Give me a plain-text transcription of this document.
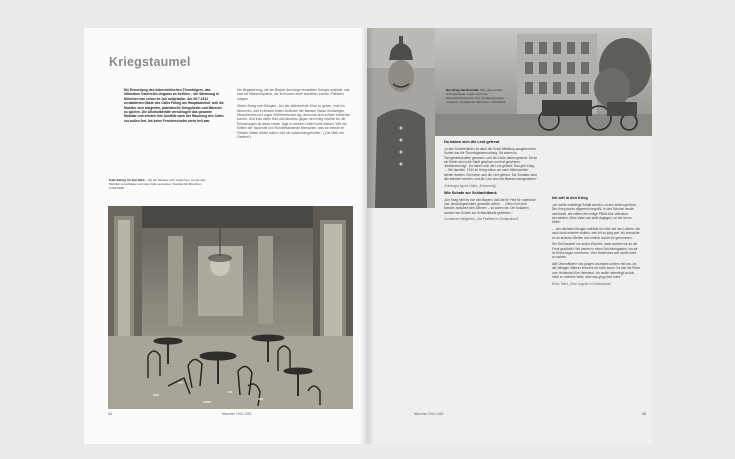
Kriegstaumel
Die Ermordung des österreichischen Thronfolgers, das Ultimatum Österreich-Ungarns an Serbien – die Stimmung in München war schon im Juli aufgeladen. Am 26.7.1914 zerdalderten Gäste des Cafés Fahrig am Hauptbahnhof, weil die Musiker sich weigerten, patriotische Kriegslieder und Märsche zu spielen. Die Alkoholbeträte verschlugen das gesamte Mobiliar und setzten ihre Ausfälle nach der Räumung des Cafés vor außen fort, bis keine Fensterscheibe mehr heil war.

Die Begeisterung, die der Beginn des lange erwarteten Krieges auslöste, war eine Art Massenhysterie, der sich kaum einer entziehen konnte. Patrioten erlagen.

Stefan Zweig zum Beispiel: „Um der Wahrheit die Ehre zu geben, muß ich bekennen, daß in diesem ersten Aufbruch der Massen etwas Großartiges, Hinreißendes und sogar Verführerisches lag, dem man sich schwer entziehen konnte. Und trotz allem Haß und Abscheu gegen den Krieg möchte ich die Erinnerungen an diese ersten Tage in meinem Leben nicht missen. Wie nie fühlten die Tausende und Hunderttausende Menschen, was sie besser im Frieden hätten fühlen sollen: daß sie zusammengehörten.“ („Die Welt von Gestern“)

Café Fahrig im Juli 1914 – Als die Musiker sich weigerten, wurde das Mobiliar zerschlagen und das Cafe verwüstet. Stadtarchiv München C1914/002
14	München 1914-1918
Der Krieg hat Priorität: Wie viele andere Schulgebäude wurde auch die Wittelsbacherschule zum Soldatenquartier ‚Lazarett‘. Stadtarchiv München C1914/001
Da haben sich die Leut gefreut

„In den Sommerferien ist dann der Erste Weltkrieg ausgebrochen. Vorher war die Thronfolgerermordung. Da waren so Tanzgesellschaften gewesen, und die Leute haben getanzt. Da ist ein Reiter durch die Stadt gefahren und hat geschrien: ‚Mobilmachung!‘. Da haben sich die Leut gefreut. Das gibt Krieg. … Wir dachten, 1914 im Krieg wären wir nach Weihnachten wieder daheim. Da haben sich die Leut gefreut. Die Soldaten sind alle beirdiert worden, und die Leut sind mit Blumen nachgelaufen.“

Zeitzeugin Agnes Hofer, „Erinnerung“

Wie Schafe zur Schlachtbank

„Am Krieg hielt es von den Bayern, daß sie ihr Feld für ‚vaterland‘ und ‚deutschgesinnten‘ gewesen wären … ‚Gleich mit dem Messer zwischen den Zähnen‘ – so waren sie. Die Soldaten wurden wie Schafe zur Schlachtbank getrieben.“

Constance Hallgarten, „Als Pazifistin in Deutschland“

Ich will in den Krieg

„Ich wollte unbedingt Soldat werden, zu den ersten gehören. Der Krieg wurde allgemein begrüßt, in den Schulen wurde verkündet, alle hätten die heilige Pflicht fürs Vaterland einzutreten. Mein Vater war strikt dagegen, so wie ich es fühlte.

… Am nächsten Morgen meldete ich mich bei den Leibern, die mich nicht nehmen wollten, weil ich zu jung war. Ich versuchte es an anderen Stellen und endlich wurde ich genommen.

Der Drill dauerte nur sechs Wochen, dann wurden wir an die Front geschickt. Wir kamen in einen Schützengraben, wo wir im Dreck lagen und froren. Vom Heldentum war nichts mehr zu spüren.

Alle Unteroffiziere und jungen Leutnants schrien mit uns. An die richtigen Männer erinnere ich mich kaum. Es war die Rede vom Heldentod fürs Vaterland. Ich wollte unbedingt zurück, heim zu meinem Vater, aber das ging nicht mehr.“

Ernst Toller, „Eine Jugend in Deutschland“

München 1914-1918	15
